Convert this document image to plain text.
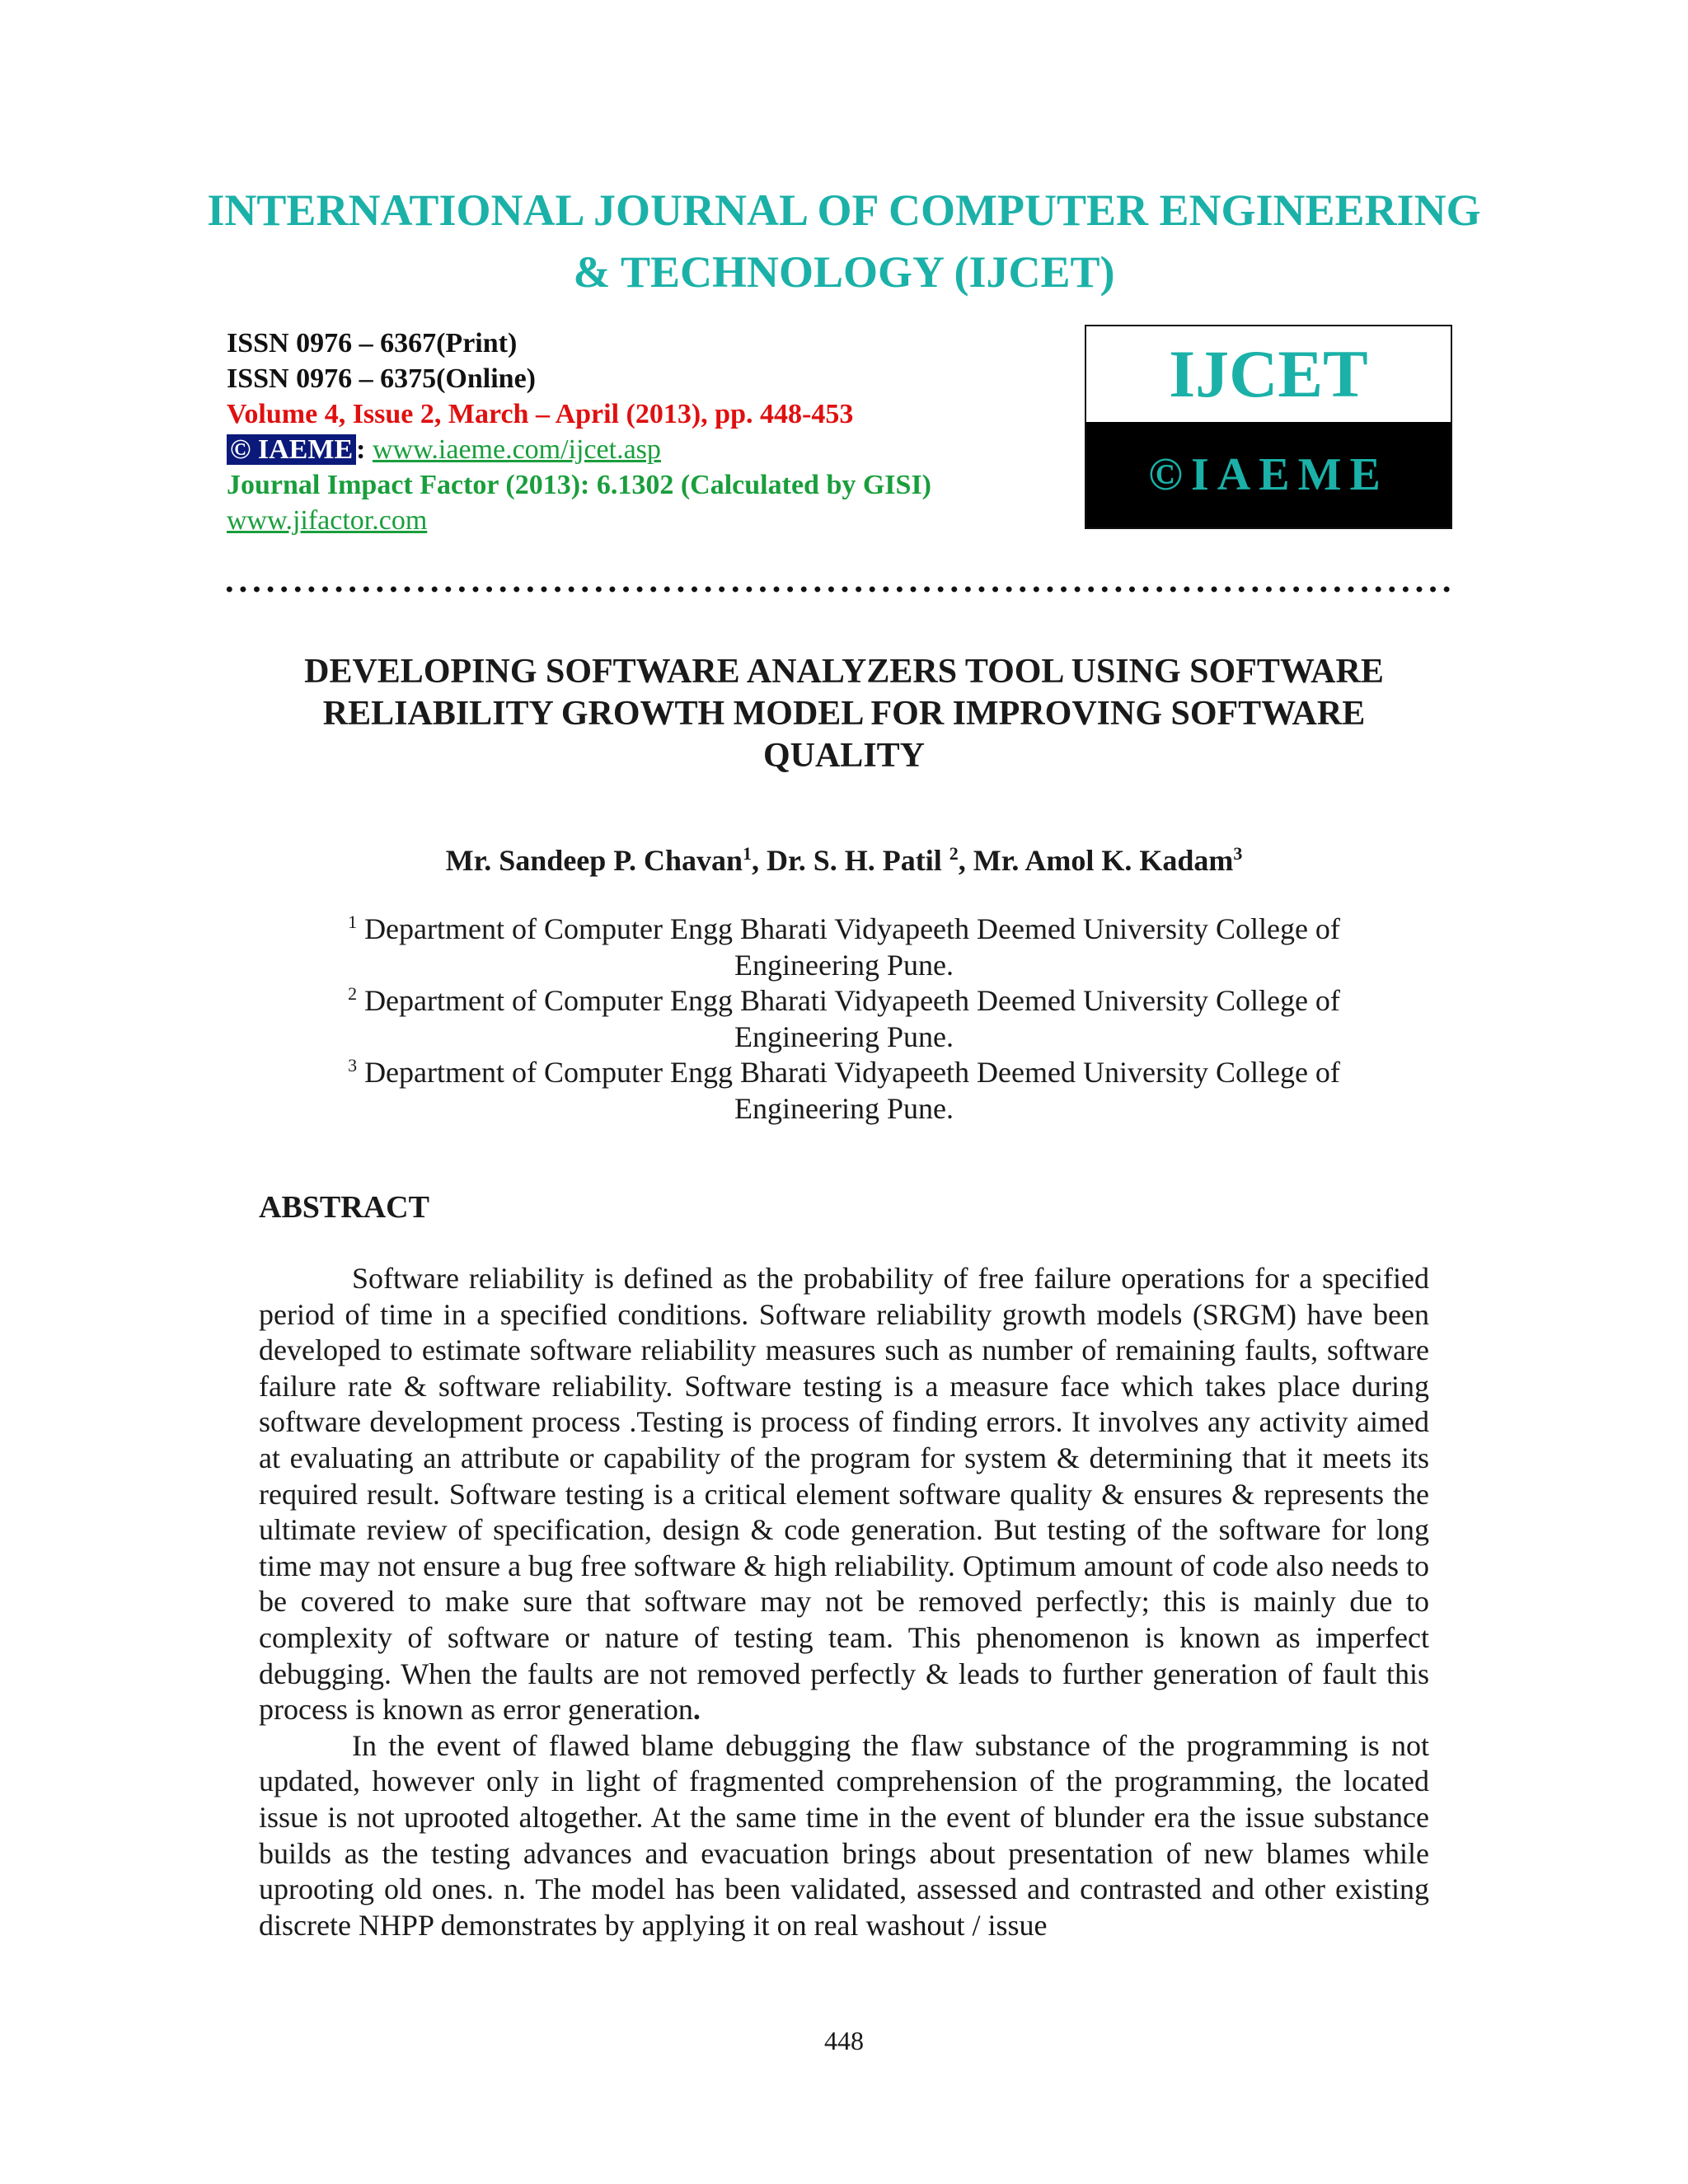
INTERNATIONAL JOURNAL OF COMPUTER ENGINEERING
& TECHNOLOGY (IJCET)
ISSN 0976 – 6367(Print)
ISSN 0976 – 6375(Online)
Volume 4, Issue 2, March – April (2013), pp. 448-453
© IAEME : www.iaeme.com/ijcet.asp
Journal Impact Factor (2013): 6.1302 (Calculated by GISI)
www.jifactor.com
IJCET
©IAEME
DEVELOPING SOFTWARE ANALYZERS TOOL USING SOFTWARE
RELIABILITY GROWTH MODEL FOR IMPROVING SOFTWARE
QUALITY
Mr. Sandeep P. Chavan$^1$, Dr. S. H. Patil $^2$, Mr. Amol K. Kadam$^3$
$^1$ Department of Computer Engg Bharati Vidyapeeth Deemed University College of
Engineering Pune.
$^2$ Department of Computer Engg Bharati Vidyapeeth Deemed University College of
Engineering Pune.
$^3$ Department of Computer Engg Bharati Vidyapeeth Deemed University College of
Engineering Pune.
ABSTRACT

Software reliability is defined as the probability of free failure operations for a specified period of time in a specified conditions. Software reliability growth models (SRGM) have been developed to estimate software reliability measures such as number of remaining faults, software failure rate & software reliability. Software testing is a measure face which takes place during software development process .Testing is process of finding errors. It involves any activity aimed at evaluating an attribute or capability of the program for system & determining that it meets its required result. Software testing is a critical element software quality & ensures & represents the ultimate review of specification, design & code generation. But testing of the software for long time may not ensure a bug free software & high reliability. Optimum amount of code also needs to be covered to make sure that software may not be removed perfectly; this is mainly due to complexity of software or nature of testing team. This phenomenon is known as imperfect debugging. When the faults are not removed perfectly & leads to further generation of fault this process is known as error generation.

In the event of flawed blame debugging the flaw substance of the programming is not updated, however only in light of fragmented comprehension of the programming, the located issue is not uprooted altogether. At the same time in the event of blunder era the issue substance builds as the testing advances and evacuation brings about presentation of new blames while uprooting old ones. n. The model has been validated, assessed and contrasted and other existing discrete NHPP demonstrates by applying it on real washout / issue

448
